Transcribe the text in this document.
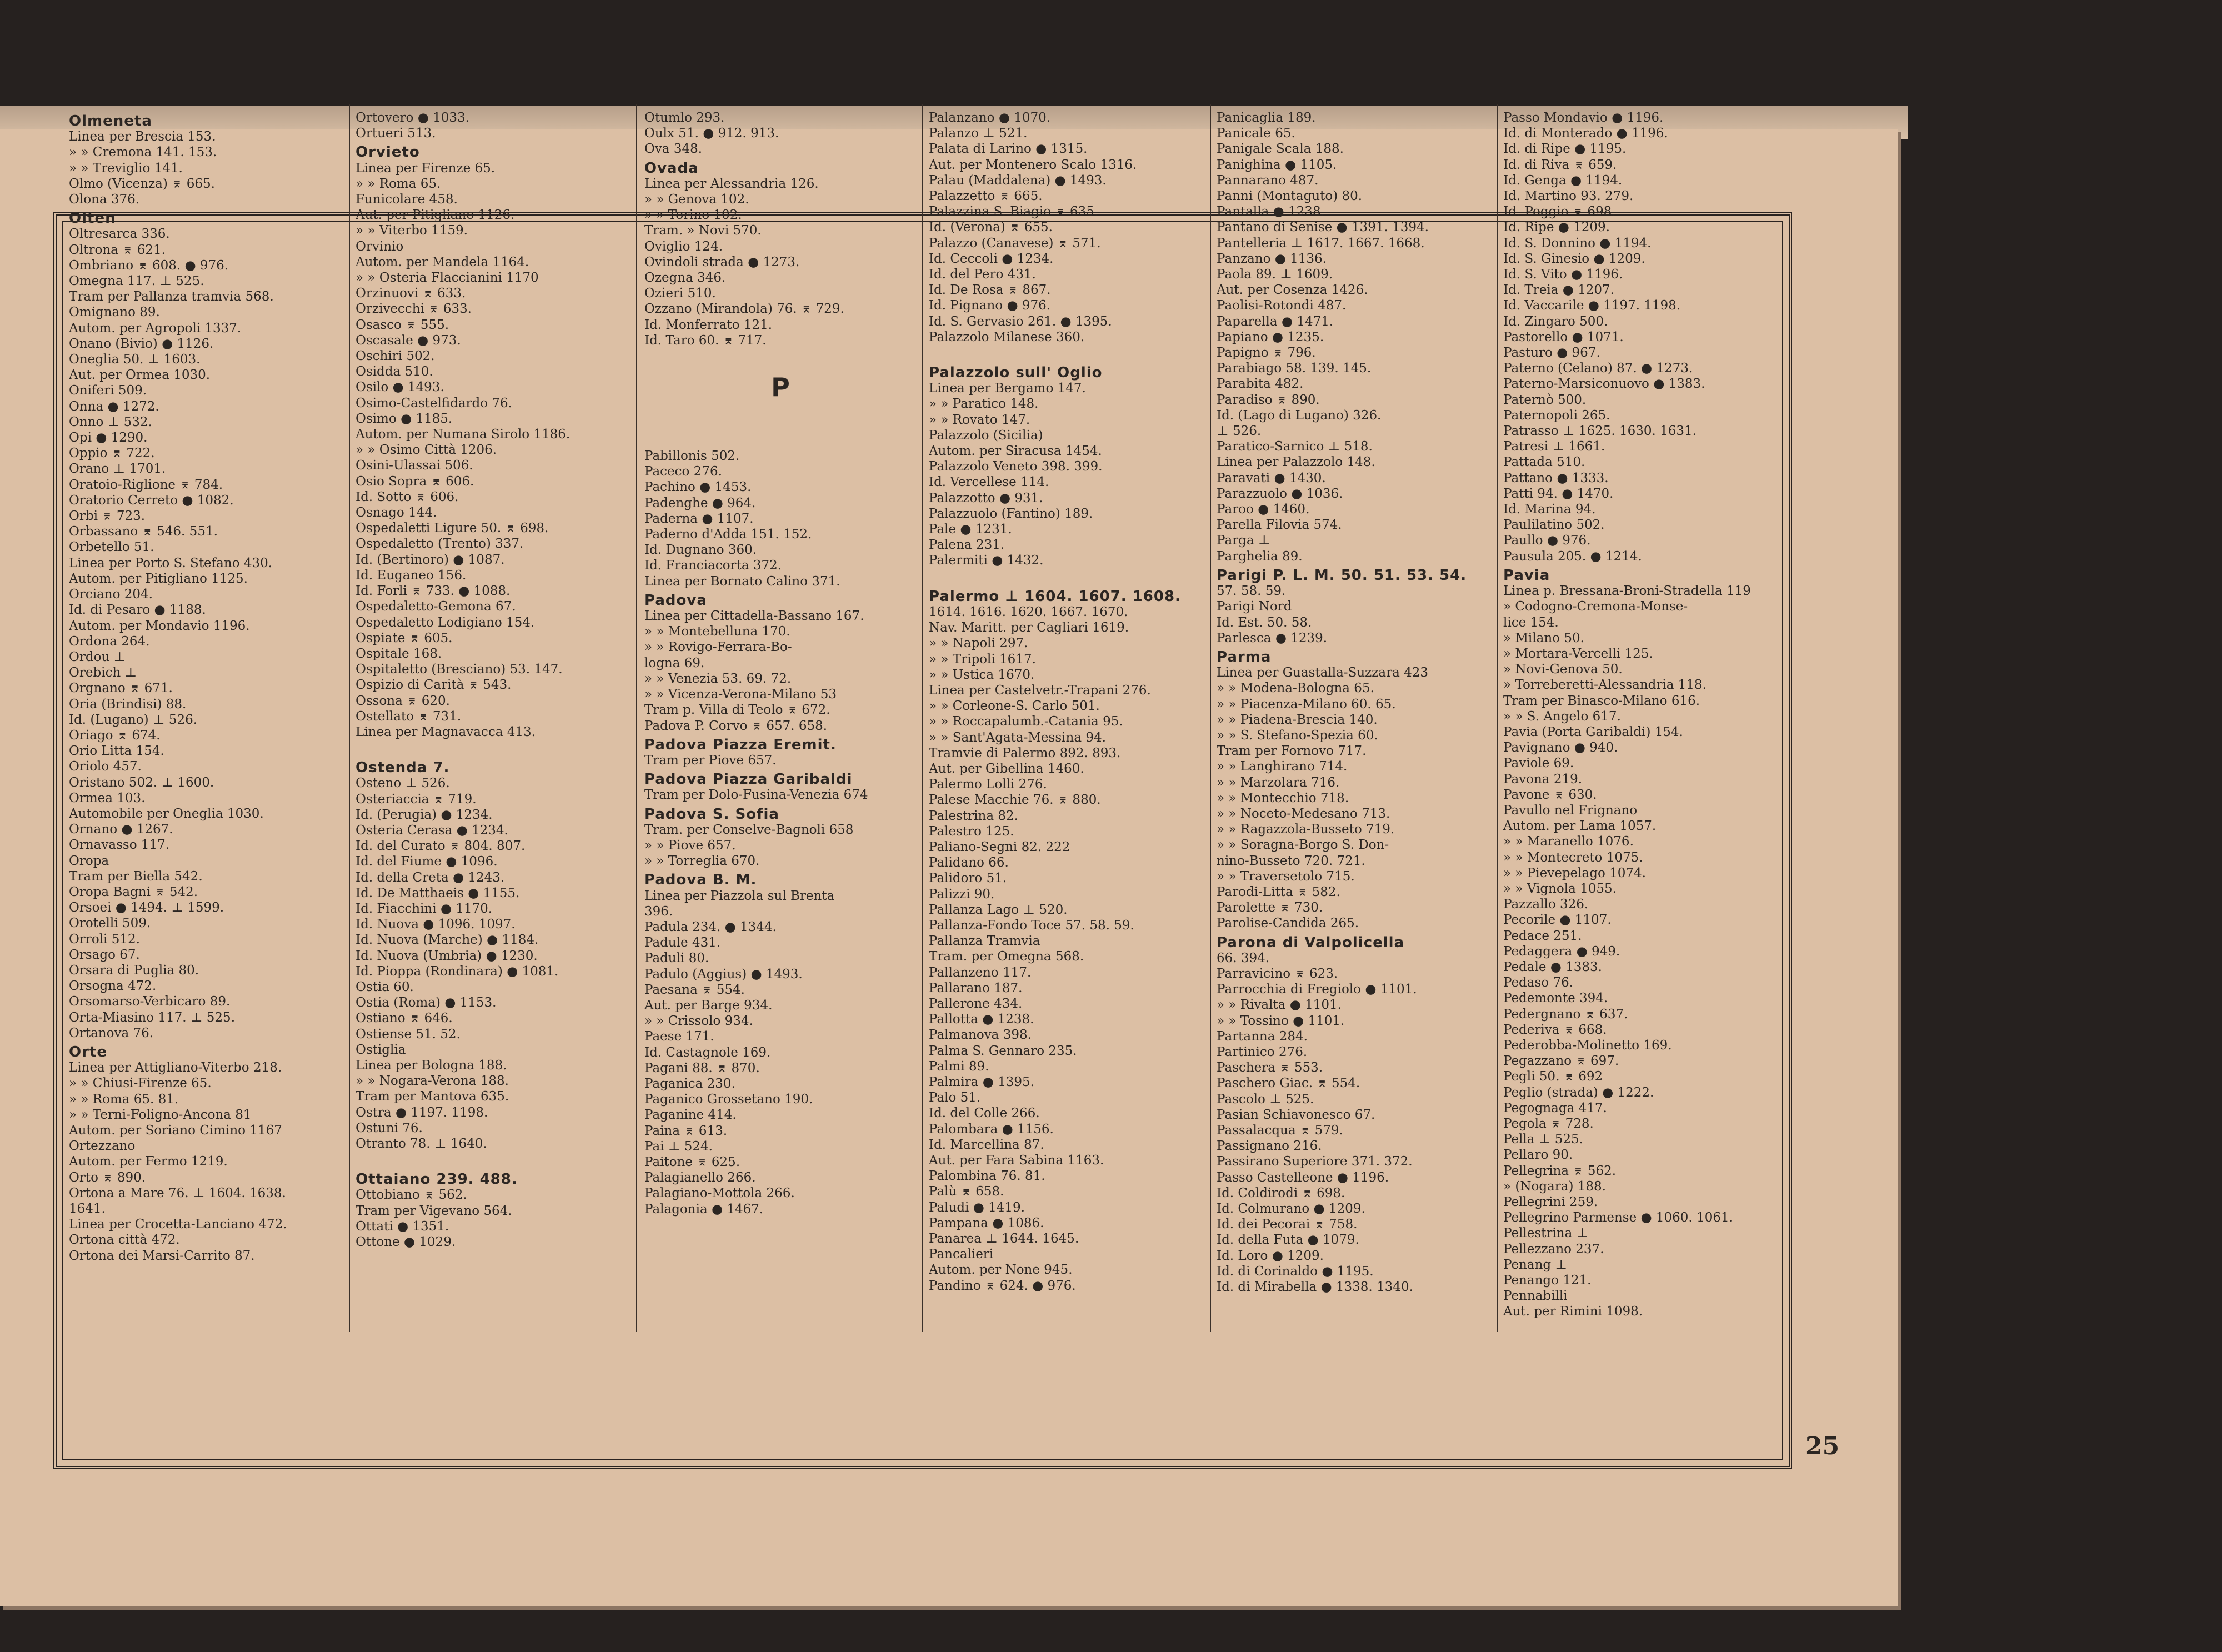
Olmeneta
Linea per Brescia 153.
» » Cremona 141. 153.
» » Treviglio 141.
Olmo (Vicenza) ⌆ 665.
Olona 376.
Olten
Oltresarca 336.
Oltrona ⌆ 621.
Ombriano ⌆ 608. ● 976.
Omegna 117. ⊥ 525.
Tram per Pallanza tramvia 568.
Omignano 89.
Autom. per Agropoli 1337.
Onano (Bivio) ● 1126.
Oneglia 50. ⊥ 1603.
Aut. per Ormea 1030.
Oniferi 509.
Onna ● 1272.
Onno ⊥ 532.
Opi ● 1290.
Oppio ⌆ 722.
Orano ⊥ 1701.
Oratoio-Riglione ⌆ 784.
Oratorio Cerreto ● 1082.
Orbi ⌆ 723.
Orbassano ⌆ 546. 551.
Orbetello 51.
Linea per Porto S. Stefano 430.
Autom. per Pitigliano 1125.
Orciano 204.
Id. di Pesaro ● 1188.
Autom. per Mondavio 1196.
Ordona 264.
Ordou ⊥
Orebich ⊥
Orgnano ⌆ 671.
Oria (Brindisi) 88.
Id. (Lugano) ⊥ 526.
Oriago ⌆ 674.
Orio Litta 154.
Oriolo 457.
Oristano 502. ⊥ 1600.
Ormea 103.
Automobile per Oneglia 1030.
Ornano ● 1267.
Ornavasso 117.
Oropa
Tram per Biella 542.
Oropa Bagni ⌆ 542.
Orsoei ● 1494. ⊥ 1599.
Orotelli 509.
Orroli 512.
Orsago 67.
Orsara di Puglia 80.
Orsogna 472.
Orsomarso-Verbicaro 89.
Orta-Miasino 117. ⊥ 525.
Ortanova 76.
Orte
Linea per Attigliano-Viterbo 218.
» » Chiusi-Firenze 65.
» » Roma 65. 81.
» » Terni-Foligno-Ancona 81
Autom. per Soriano Cimino 1167
Ortezzano
Autom. per Fermo 1219.
Orto ⌆ 890.
Ortona a Mare 76. ⊥ 1604. 1638.
1641.
Linea per Crocetta-Lanciano 472.
Ortona città 472.
Ortona dei Marsi-Carrito 87.
Ortovero ● 1033.
Ortueri 513.
Orvieto
Linea per Firenze 65.
» » Roma 65.
Funicolare 458.
Aut. per Pitigliano 1126.
» » Viterbo 1159.
Orvinio
Autom. per Mandela 1164.
» » Osteria Flaccianini 1170
Orzinuovi ⌆ 633.
Orzivecchi ⌆ 633.
Osasco ⌆ 555.
Oscasale ● 973.
Oschiri 502.
Osidda 510.
Osilo ● 1493.
Osimo-Castelfidardo 76.
Osimo ● 1185.
Autom. per Numana Sirolo 1186.
» » Osimo Città 1206.
Osini-Ulassai 506.
Osio Sopra ⌆ 606.
Id. Sotto ⌆ 606.
Osnago 144.
Ospedaletti Ligure 50. ⌆ 698.
Ospedaletto (Trento) 337.
Id. (Bertinoro) ● 1087.
Id. Euganeo 156.
Id. Forli ⌆ 733. ● 1088.
Ospedaletto-Gemona 67.
Ospedaletto Lodigiano 154.
Ospiate ⌆ 605.
Ospitale 168.
Ospitaletto (Bresciano) 53. 147.
Ospizio di Carità ⌆ 543.
Ossona ⌆ 620.
Ostellato ⌆ 731.
Linea per Magnavacca 413.
Ostenda 7.
Osteno ⊥ 526.
Osteriaccia ⌆ 719.
Id. (Perugia) ● 1234.
Osteria Cerasa ● 1234.
Id. del Curato ⌆ 804. 807.
Id. del Fiume ● 1096.
Id. della Creta ● 1243.
Id. De Matthaeis ● 1155.
Id. Fiacchini ● 1170.
Id. Nuova ● 1096. 1097.
Id. Nuova (Marche) ● 1184.
Id. Nuova (Umbria) ● 1230.
Id. Pioppa (Rondinara) ● 1081.
Ostia 60.
Ostia (Roma) ● 1153.
Ostiano ⌆ 646.
Ostiense 51. 52.
Ostiglia
Linea per Bologna 188.
» » Nogara-Verona 188.
Tram per Mantova 635.
Ostra ● 1197. 1198.
Ostuni 76.
Otranto 78. ⊥ 1640.
Ottaiano 239. 488.
Ottobiano ⌆ 562.
Tram per Vigevano 564.
Ottati ● 1351.
Ottone ● 1029.
Otumlo 293.
Oulx 51. ● 912. 913.
Ova 348.
Ovada
Linea per Alessandria 126.
» » Genova 102.
» » Torino 102.
Tram. » Novi 570.
Oviglio 124.
Ovindoli strada ● 1273.
Ozegna 346.
Ozieri 510.
Ozzano (Mirandola) 76. ⌆ 729.
Id. Monferrato 121.
Id. Taro 60. ⌆ 717.
P
Pabillonis 502.
Paceco 276.
Pachino ● 1453.
Padenghe ● 964.
Paderna ● 1107.
Paderno d'Adda 151. 152.
Id. Dugnano 360.
Id. Franciacorta 372.
Linea per Bornato Calino 371.
Padova
Linea per Cittadella-Bassano 167.
» » Montebelluna 170.
» » Rovigo-Ferrara-Bo-
logna 69.
» » Venezia 53. 69. 72.
» » Vicenza-Verona-Milano 53
Tram p. Villa di Teolo ⌆ 672.
Padova P. Corvo ⌆ 657. 658.
Padova Piazza Eremit.
Tram per Piove 657.
Padova Piazza Garibaldi
Tram per Dolo-Fusina-Venezia 674
Padova S. Sofia
Tram. per Conselve-Bagnoli 658
» » Piove 657.
» » Torreglia 670.
Padova B. M.
Linea per Piazzola sul Brenta
396.
Padula 234. ● 1344.
Padule 431.
Paduli 80.
Padulo (Aggius) ● 1493.
Paesana ⌆ 554.
Aut. per Barge 934.
» » Crissolo 934.
Paese 171.
Id. Castagnole 169.
Pagani 88. ⌆ 870.
Paganica 230.
Paganico Grossetano 190.
Paganine 414.
Paina ⌆ 613.
Pai ⊥ 524.
Paitone ⌆ 625.
Palagianello 266.
Palagiano-Mottola 266.
Palagonia ● 1467.
Palanzano ● 1070.
Palanzo ⊥ 521.
Palata di Larino ● 1315.
Aut. per Montenero Scalo 1316.
Palau (Maddalena) ● 1493.
Palazzetto ⌆ 665.
Palazzina S. Biagio ⌆ 635.
Id. (Verona) ⌆ 655.
Palazzo (Canavese) ⌆ 571.
Id. Ceccoli ● 1234.
Id. del Pero 431.
Id. De Rosa ⌆ 867.
Id. Pignano ● 976.
Id. S. Gervasio 261. ● 1395.
Palazzolo Milanese 360.
Palazzolo sull' Oglio
Linea per Bergamo 147.
» » Paratico 148.
» » Rovato 147.
Palazzolo (Sicilia)
Autom. per Siracusa 1454.
Palazzolo Veneto 398. 399.
Id. Vercellese 114.
Palazzotto ● 931.
Palazzuolo (Fantino) 189.
Pale ● 1231.
Palena 231.
Palermiti ● 1432.
Palermo ⊥ 1604. 1607. 1608.
1614. 1616. 1620. 1667. 1670.
Nav. Maritt. per Cagliari 1619.
» » Napoli 297.
» » Tripoli 1617.
» » Ustica 1670.
Linea per Castelvetr.-Trapani 276.
» » Corleone-S. Carlo 501.
» » Roccapalumb.-Catania 95.
» » Sant'Agata-Messina 94.
Tramvie di Palermo 892. 893.
Aut. per Gibellina 1460.
Palermo Lolli 276.
Palese Macchie 76. ⌆ 880.
Palestrina 82.
Palestro 125.
Paliano-Segni 82. 222
Palidano 66.
Palidoro 51.
Palizzi 90.
Pallanza Lago ⊥ 520.
Pallanza-Fondo Toce 57. 58. 59.
Pallanza Tramvia
Tram. per Omegna 568.
Pallanzeno 117.
Pallarano 187.
Pallerone 434.
Pallotta ● 1238.
Palmanova 398.
Palma S. Gennaro 235.
Palmi 89.
Palmira ● 1395.
Palo 51.
Id. del Colle 266.
Palombara ● 1156.
Id. Marcellina 87.
Aut. per Fara Sabina 1163.
Palombina 76. 81.
Palù ⌆ 658.
Paludi ● 1419.
Pampana ● 1086.
Panarea ⊥ 1644. 1645.
Pancalieri
Autom. per None 945.
Pandino ⌆ 624. ● 976.
Panicaglia 189.
Panicale 65.
Panigale Scala 188.
Panighina ● 1105.
Pannarano 487.
Panni (Montaguto) 80.
Pantalla ● 1238.
Pantano di Senise ● 1391. 1394.
Pantelleria ⊥ 1617. 1667. 1668.
Panzano ● 1136.
Paola 89. ⊥ 1609.
Aut. per Cosenza 1426.
Paolisi-Rotondi 487.
Paparella ● 1471.
Papiano ● 1235.
Papigno ⌆ 796.
Parabiago 58. 139. 145.
Parabita 482.
Paradiso ⌆ 890.
Id. (Lago di Lugano) 326.
⊥ 526.
Paratico-Sarnico ⊥ 518.
Linea per Palazzolo 148.
Paravati ● 1430.
Parazzuolo ● 1036.
Paroo ● 1460.
Parella Filovia 574.
Parga ⊥
Parghelia 89.
Parigi P. L. M. 50. 51. 53. 54.
57. 58. 59.
Parigi Nord
Id. Est. 50. 58.
Parlesca ● 1239.
Parma
Linea per Guastalla-Suzzara 423
» » Modena-Bologna 65.
» » Piacenza-Milano 60. 65.
» » Piadena-Brescia 140.
» » S. Stefano-Spezia 60.
Tram per Fornovo 717.
» » Langhirano 714.
» » Marzolara 716.
» » Montecchio 718.
» » Noceto-Medesano 713.
» » Ragazzola-Busseto 719.
» » Soragna-Borgo S. Don-
nino-Busseto 720. 721.
» » Traversetolo 715.
Parodi-Litta ⌆ 582.
Parolette ⌆ 730.
Parolise-Candida 265.
Parona di Valpolicella
66. 394.
Parravicino ⌆ 623.
Parrocchia di Fregiolo ● 1101.
» » Rivalta ● 1101.
» » Tossino ● 1101.
Partanna 284.
Partinico 276.
Paschera ⌆ 553.
Paschero Giac. ⌆ 554.
Pascolo ⊥ 525.
Pasian Schiavonesco 67.
Passalacqua ⌆ 579.
Passignano 216.
Passirano Superiore 371. 372.
Passo Castelleone ● 1196.
Id. Coldirodi ⌆ 698.
Id. Colmurano ● 1209.
Id. dei Pecorai ⌆ 758.
Id. della Futa ● 1079.
Id. Loro ● 1209.
Id. di Corinaldo ● 1195.
Id. di Mirabella ● 1338. 1340.
Passo Mondavio ● 1196.
Id. di Monterado ● 1196.
Id. di Ripe ● 1195.
Id. di Riva ⌆ 659.
Id. Genga ● 1194.
Id. Martino 93. 279.
Id. Poggio ⌆ 698.
Id. Ripe ● 1209.
Id. S. Donnino ● 1194.
Id. S. Ginesio ● 1209.
Id. S. Vito ● 1196.
Id. Treia ● 1207.
Id. Vaccarile ● 1197. 1198.
Id. Zingaro 500.
Pastorello ● 1071.
Pasturo ● 967.
Paterno (Celano) 87. ● 1273.
Paterno-Marsiconuovo ● 1383.
Paternò 500.
Paternopoli 265.
Patrasso ⊥ 1625. 1630. 1631.
Patresi ⊥ 1661.
Pattada 510.
Pattano ● 1333.
Patti 94. ● 1470.
Id. Marina 94.
Paulilatino 502.
Paullo ● 976.
Pausula 205. ● 1214.
Pavia
Linea p. Bressana-Broni-Stradella 119
» Codogno-Cremona-Monse-
lice 154.
» Milano 50.
» Mortara-Vercelli 125.
» Novi-Genova 50.
» Torreberetti-Alessandria 118.
Tram per Binasco-Milano 616.
» » S. Angelo 617.
Pavia (Porta Garibaldi) 154.
Pavignano ● 940.
Paviole 69.
Pavona 219.
Pavone ⌆ 630.
Pavullo nel Frignano
Autom. per Lama 1057.
» » Maranello 1076.
» » Montecreto 1075.
» » Pievepelago 1074.
» » Vignola 1055.
Pazzallo 326.
Pecorile ● 1107.
Pedace 251.
Pedaggera ● 949.
Pedale ● 1383.
Pedaso 76.
Pedemonte 394.
Pedergnano ⌆ 637.
Pederiva ⌆ 668.
Pederobba-Molinetto 169.
Pegazzano ⌆ 697.
Pegli 50. ⌆ 692
Peglio (strada) ● 1222.
Pegognaga 417.
Pegola ⌆ 728.
Pella ⊥ 525.
Pellaro 90.
Pellegrina ⌆ 562.
» (Nogara) 188.
Pellegrini 259.
Pellegrino Parmense ● 1060. 1061.
Pellestrina ⊥
Pellezzano 237.
Penang ⊥
Penango 121.
Pennabilli
Aut. per Rimini 1098.
25
